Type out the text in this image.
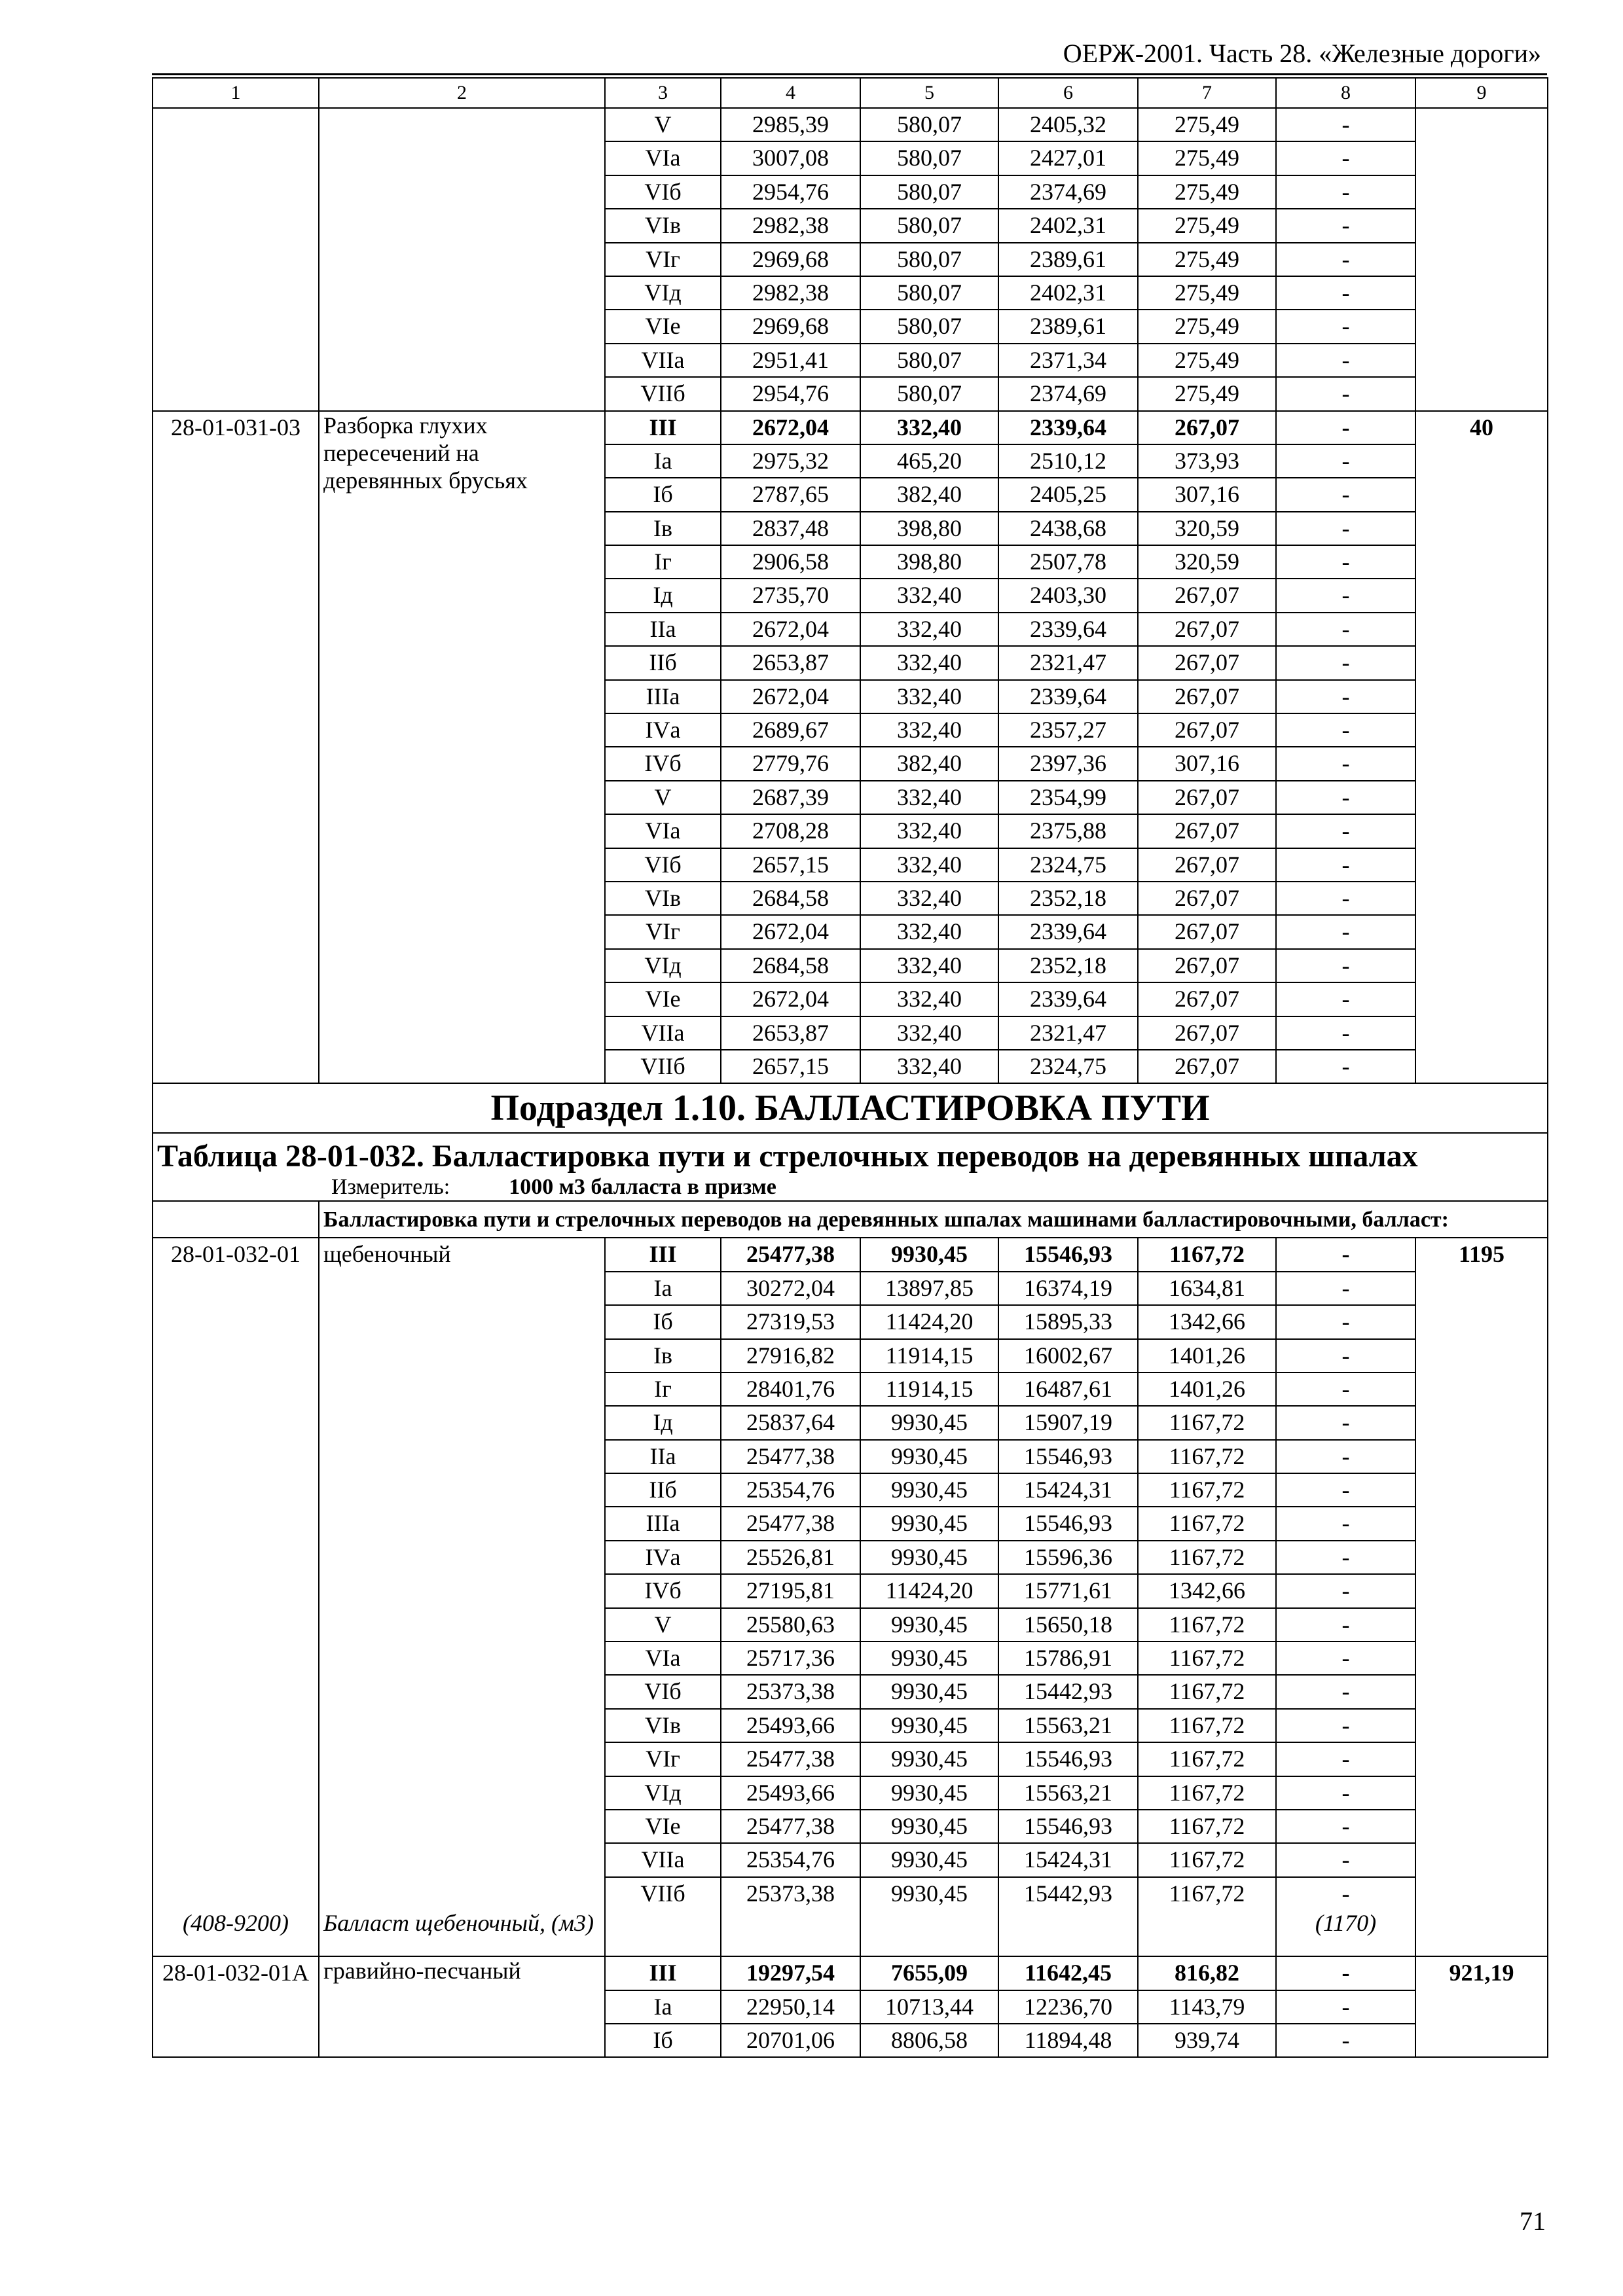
ОЕРЖ-2001. Часть 28. «Железные дороги»
1	2	3	4	5	6	7	8	9
		V	2985,39	580,07	2405,32	275,49	-	
		VIа	3007,08	580,07	2427,01	275,49	-	
		VIб	2954,76	580,07	2374,69	275,49	-	
		VIв	2982,38	580,07	2402,31	275,49	-	
		VIг	2969,68	580,07	2389,61	275,49	-	
		VIд	2982,38	580,07	2402,31	275,49	-	
		VIе	2969,68	580,07	2389,61	275,49	-	
		VIIа	2951,41	580,07	2371,34	275,49	-	
		VIIб	2954,76	580,07	2374,69	275,49	-	
28-01-031-03	Разборка глухих пересечений на деревянных брусьях	III	2672,04	332,40	2339,64	267,07	-	40
		Iа	2975,32	465,20	2510,12	373,93	-	
		Iб	2787,65	382,40	2405,25	307,16	-	
		Iв	2837,48	398,80	2438,68	320,59	-	
		Iг	2906,58	398,80	2507,78	320,59	-	
		Iд	2735,70	332,40	2403,30	267,07	-	
		IIа	2672,04	332,40	2339,64	267,07	-	
		IIб	2653,87	332,40	2321,47	267,07	-	
		IIIа	2672,04	332,40	2339,64	267,07	-	
		IVа	2689,67	332,40	2357,27	267,07	-	
		IVб	2779,76	382,40	2397,36	307,16	-	
		V	2687,39	332,40	2354,99	267,07	-	
		VIа	2708,28	332,40	2375,88	267,07	-	
		VIб	2657,15	332,40	2324,75	267,07	-	
		VIв	2684,58	332,40	2352,18	267,07	-	
		VIг	2672,04	332,40	2339,64	267,07	-	
		VIд	2684,58	332,40	2352,18	267,07	-	
		VIе	2672,04	332,40	2339,64	267,07	-	
		VIIа	2653,87	332,40	2321,47	267,07	-	
		VIIб	2657,15	332,40	2324,75	267,07	-	
Подраздел 1.10. БАЛЛАСТИРОВКА ПУТИ								

Таблица 28-01-032. Балластировка пути и стрелочных переводов на деревянных шпалах
Измеритель: 1000 м3 балласта в призме								

	Балластировка пути и стрелочных переводов на деревянных шпалах машинами балластировочными, балласт:							
28-01-032-01	щебеночный	III	25477,38	9930,45	15546,93	1167,72	-	1195
		Iа	30272,04	13897,85	16374,19	1634,81	-	
		Iб	27319,53	11424,20	15895,33	1342,66	-	
		Iв	27916,82	11914,15	16002,67	1401,26	-	
		Iг	28401,76	11914,15	16487,61	1401,26	-	
		Iд	25837,64	9930,45	15907,19	1167,72	-	
		IIа	25477,38	9930,45	15546,93	1167,72	-	
		IIб	25354,76	9930,45	15424,31	1167,72	-	
		IIIа	25477,38	9930,45	15546,93	1167,72	-	
		IVа	25526,81	9930,45	15596,36	1167,72	-	
		IVб	27195,81	11424,20	15771,61	1342,66	-	
		V	25580,63	9930,45	15650,18	1167,72	-	
		VIа	25717,36	9930,45	15786,91	1167,72	-	
		VIб	25373,38	9930,45	15442,93	1167,72	-	
		VIв	25493,66	9930,45	15563,21	1167,72	-	
		VIг	25477,38	9930,45	15546,93	1167,72	-	
		VIд	25493,66	9930,45	15563,21	1167,72	-	
		VIе	25477,38	9930,45	15546,93	1167,72	-	
		VIIа	25354,76	9930,45	15424,31	1167,72	-	
		VIIб	25373,38	9930,45	15442,93	1167,72	-	
(408-9200)	Балласт щебеночный, (м3)						(1170)	
28-01-032-01А	гравийно-песчаный	III	19297,54	7655,09	11642,45	816,82	-	921,19
		Iа	22950,14	10713,44	12236,70	1143,79	-	
		Iб	20701,06	8806,58	11894,48	939,74	-	
71
